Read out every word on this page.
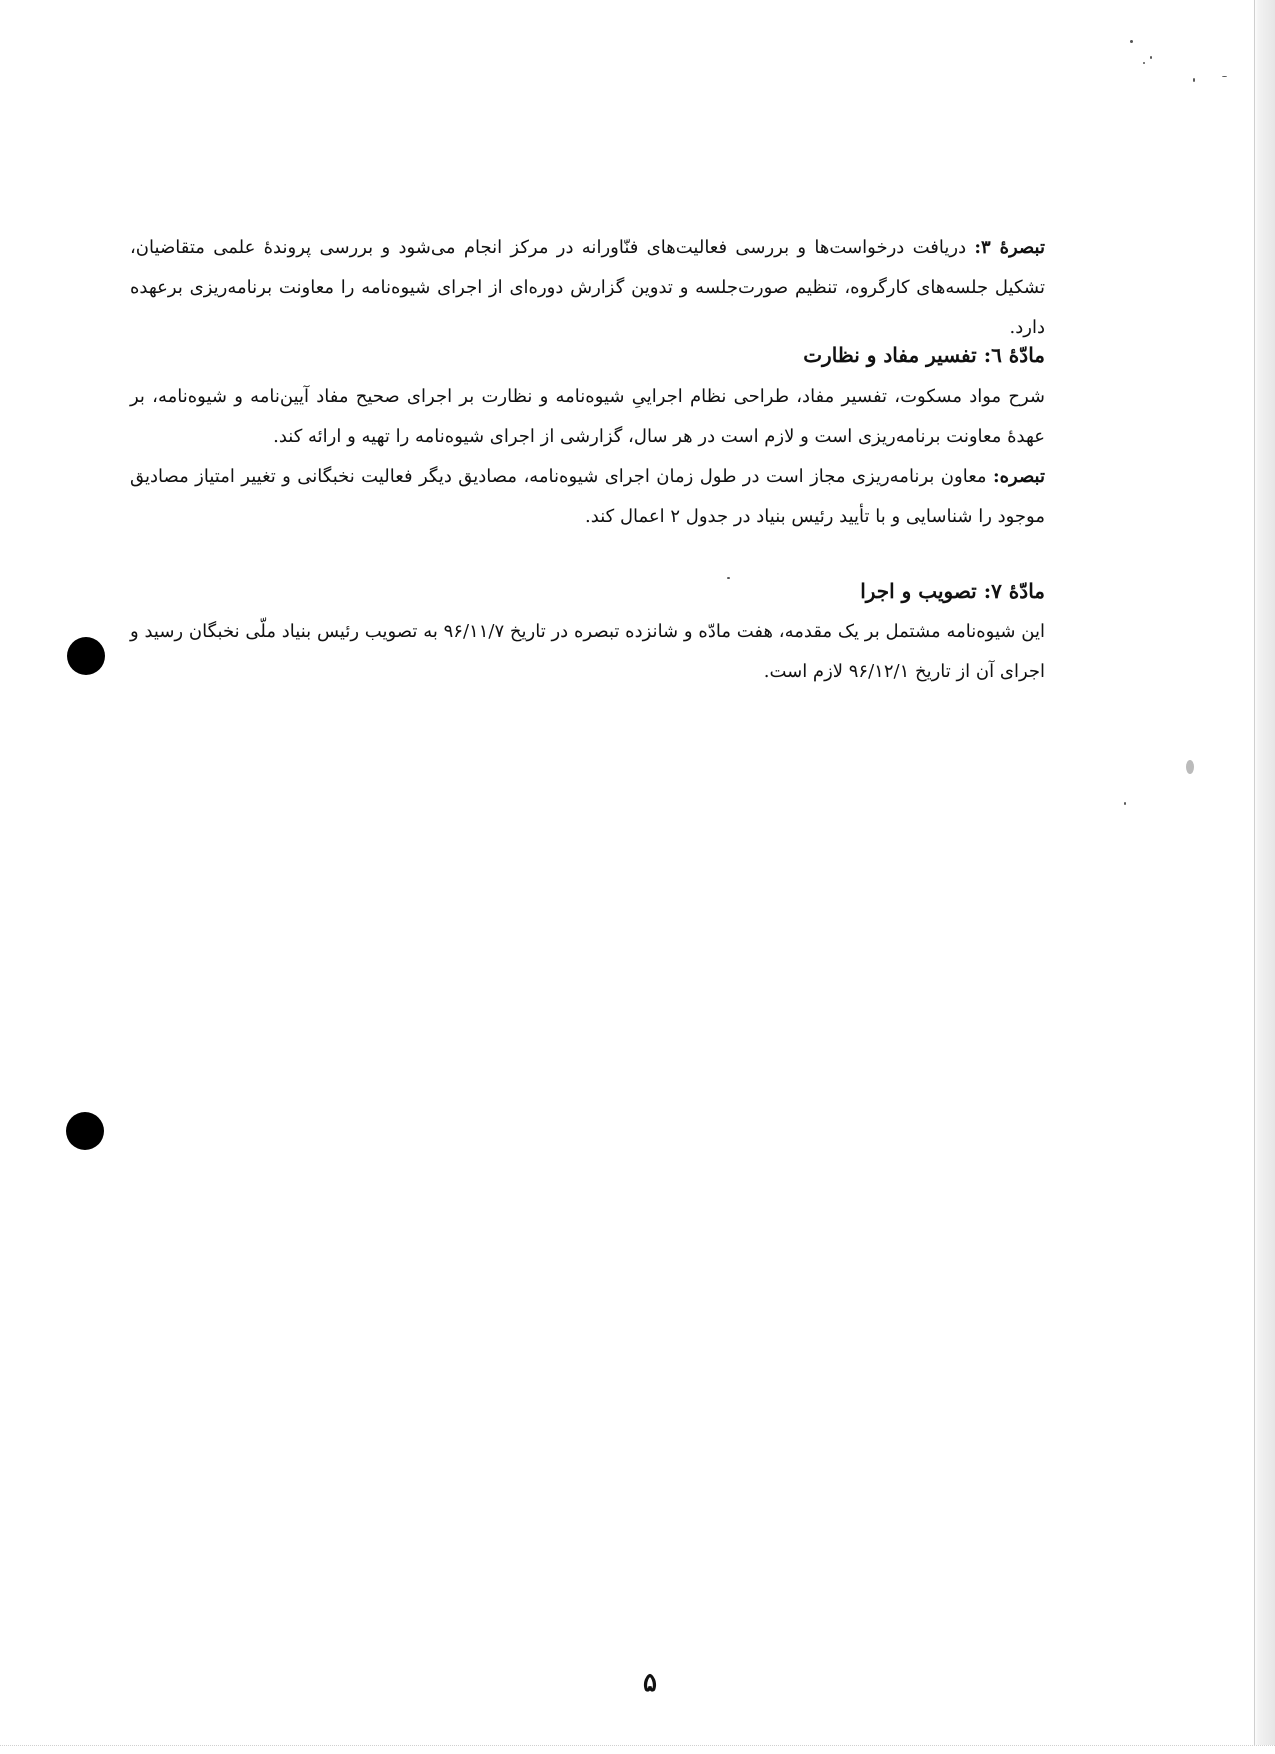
تبصرهٔ ۳: دریافت درخواست‌ها و بررسی فعالیت‌های فنّاورانه در مرکز انجام می‌شود و بررسی پروندهٔ علمی متقاضیان، تشکیل جلسه‌های کارگروه، تنظیم صورت‌جلسه و تدوین گزارش دوره‌ای از اجرای شیوه‌نامه را معاونت برنامه‌ریزی برعهده دارد.

مادّهٔ ٦: تفسیر مفاد و نظارت

شرح مواد مسکوت، تفسیر مفاد، طراحی نظام اجراییِ شیوه‌نامه و نظارت بر اجرای صحیح مفاد آیین‌نامه و شیوه‌نامه، بر عهدهٔ معاونت برنامه‌ریزی است و لازم است در هر سال، گزارشی از اجرای شیوه‌نامه را تهیه و ارائه کند.

تبصره: معاون برنامه‌ریزی مجاز است در طول زمان اجرای شیوه‌نامه، مصادیق دیگر فعالیت نخبگانی و تغییر امتیاز مصادیق موجود را شناسایی و با تأیید رئیس بنیاد در جدول ۲ اعمال کند.

مادّهٔ ۷: تصویب و اجرا

این شیوه‌نامه مشتمل بر یک مقدمه، هفت مادّه و شانزده تبصره در تاریخ ۹۶/۱۱/۷ به تصویب رئیس بنیاد ملّی نخبگان رسید و اجرای آن از تاریخ ۹۶/۱۲/۱ لازم است.

۵
